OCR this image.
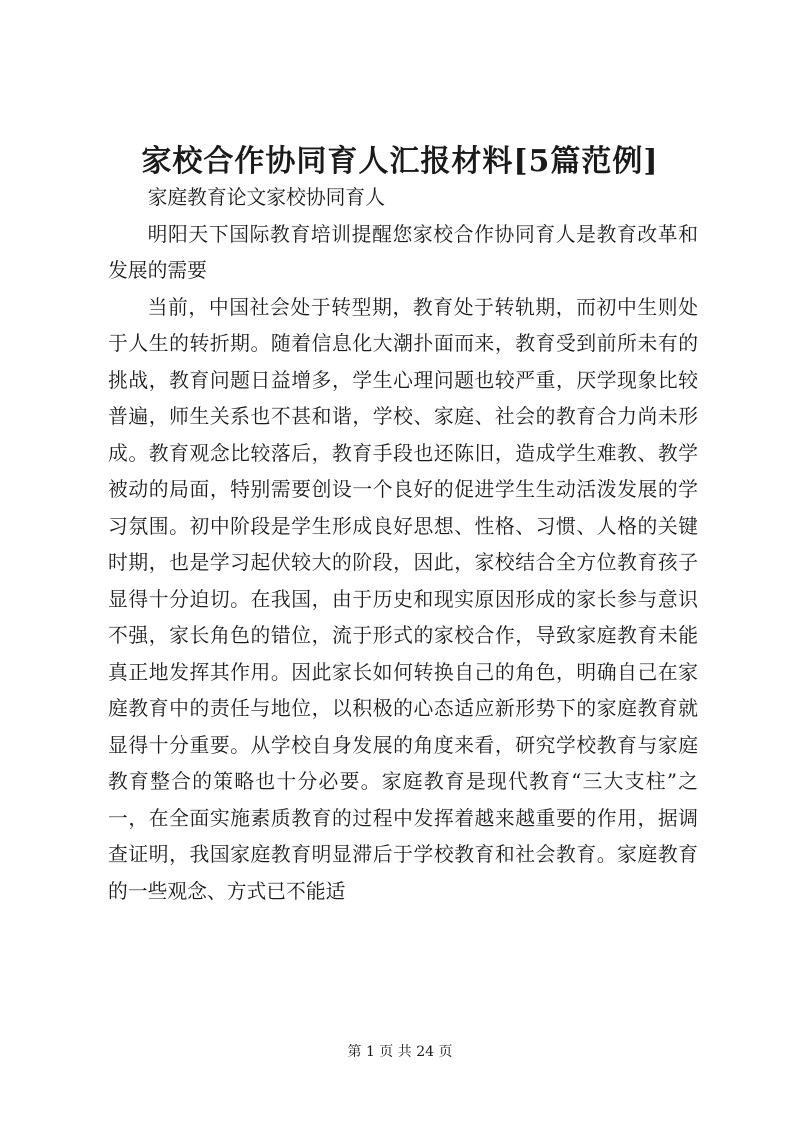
家校合作协同育人汇报材料[5篇范例]

家庭教育论文家校协同育人

明阳天下国际教育培训提醒您家校合作协同育人是教育改革和发展的需要

当前，中国社会处于转型期，教育处于转轨期，而初中生则处于人生的转折期。随着信息化大潮扑面而来，教育受到前所未有的挑战，教育问题日益增多，学生心理问题也较严重，厌学现象比较普遍，师生关系也不甚和谐，学校、家庭、社会的教育合力尚未形成。教育观念比较落后，教育手段也还陈旧，造成学生难教、教学被动的局面，特别需要创设一个良好的促进学生生动活泼发展的学习氛围。初中阶段是学生形成良好思想、性格、习惯、人格的关键时期，也是学习起伏较大的阶段，因此，家校结合全方位教育孩子显得十分迫切。在我国，由于历史和现实原因形成的家长参与意识不强，家长角色的错位，流于形式的家校合作，导致家庭教育未能真正地发挥其作用。因此家长如何转换自己的角色，明确自己在家庭教育中的责任与地位，以积极的心态适应新形势下的家庭教育就显得十分重要。从学校自身发展的角度来看，研究学校教育与家庭教育整合的策略也十分必要。家庭教育是现代教育“三大支柱”之一，在全面实施素质教育的过程中发挥着越来越重要的作用，据调查证明，我国家庭教育明显滞后于学校教育和社会教育。家庭教育的一些观念、方式已不能适

第 1 页 共 24 页
